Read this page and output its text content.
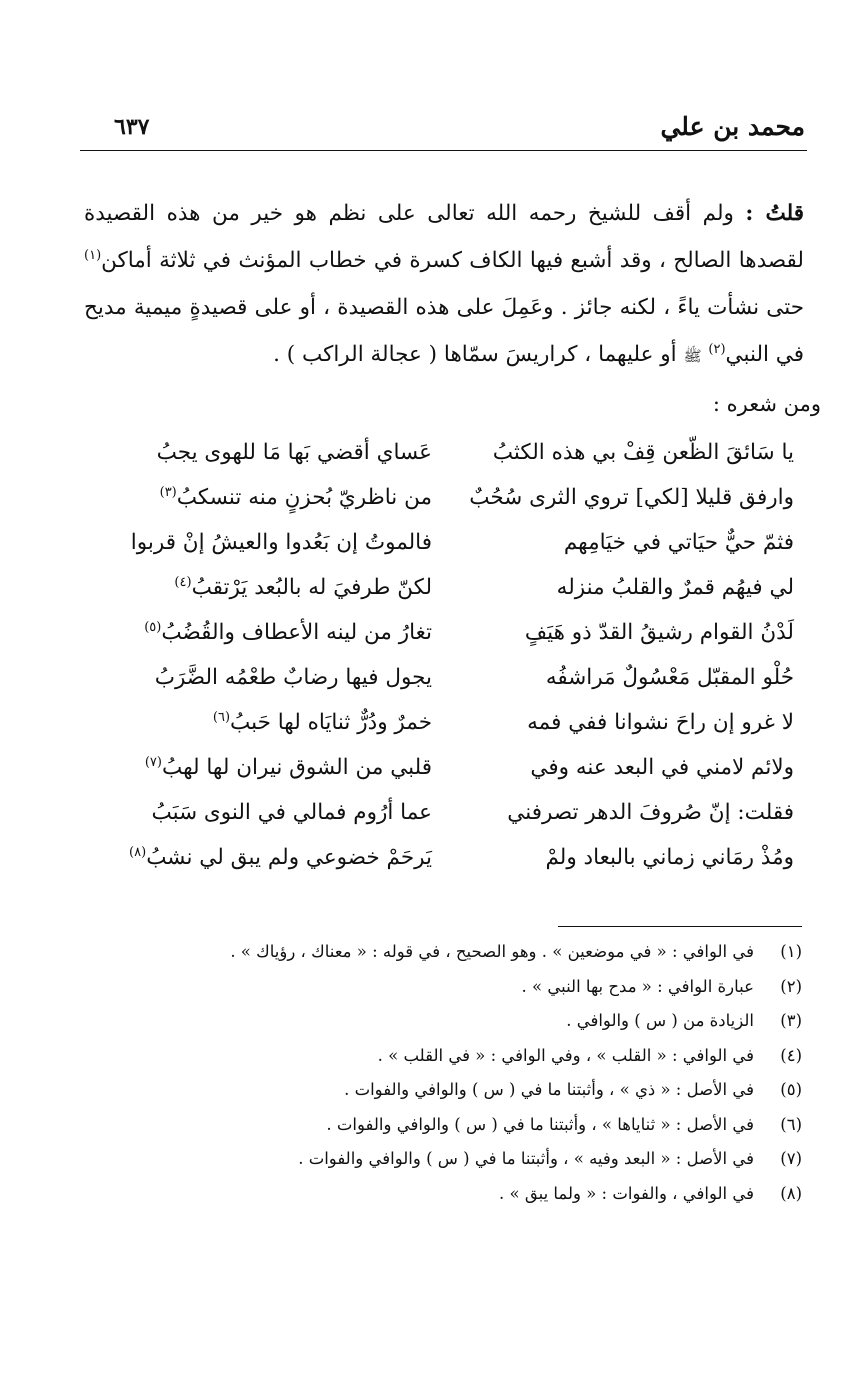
محمد بن علي
٦٣٧
قلتُ : ولم أقف للشيخ رحمه الله تعالى على نظم هو خير من هذه القصيدة لقصدها الصالح ، وقد أشبع فيها الكاف كسرة في خطاب المؤنث في ثلاثة أماكن$^{(١)}$ حتى نشأت ياءً ، لكنه جائز . وعَمِلَ على هذه القصيدة ، أو على قصيدةٍ ميمية مديح في النبي$^{(٢)}$ ﷺ أو عليهما ، كراريسَ سمّاها ( عجالة الراكب ) .
ومن شعره :
يا سَائقَ الظّعن قِفْ بي هذه الكثبُ
عَساي أقضي بَها مَا للهوى يجبُ
وارفق قليلا [لكي] تروي الثرى سُحُبٌ
من ناظريّ بُحزنٍ منه تنسكبُ$^{(٣)}$
فثمّ حيٌّ حيَاتي في خيَامِهم
فالموتُ إن بَعُدوا والعيشُ إنْ قربوا
لي فيهُم قمرٌ والقلبُ منزله
لكنّ طرفيَ له بالبُعد يَرْتقبُ$^{(٤)}$
لَدْنُ القوام رشيقُ القدّ ذو هَيَفٍ
تغارُ من لينه الأعطاف والقُضُبُ$^{(٥)}$
حُلْو المقبّل مَعْسُولٌ مَراشفُه
يجول فيها رضابٌ طعْمُه الضَّرَبُ
لا غرو إن راحَ نشوانا ففي فمه
خمرٌ ودُرٌّ ثنايَاه لها حَببُ$^{(٦)}$
ولائم لامني في البعد عنه وفي
قلبي من الشوق نيران لها لهبُ$^{(٧)}$
فقلت: إنّ صُروفَ الدهر تصرفني
عما أرُوم فمالي في النوى سَبَبُ
ومُذْ رمَاني زماني بالبعاد ولمْ
يَرحَمْ خضوعي ولم يبق لي نشبُ$^{(٨)}$
(١)
في الوافي : « في موضعين » . وهو الصحيح ، في قوله : « معناك ، رؤياك » .
(٢)
عبارة الوافي : « مدح بها النبي » .
(٣)
الزيادة من ( س ) والوافي .
(٤)
في الوافي : « القلب » ، وفي الوافي : « في القلب » .
(٥)
في الأصل : « ذي » ، وأثبتنا ما في ( س ) والوافي والفوات .
(٦)
في الأصل : « ثناياها » ، وأثبتنا ما في ( س ) والوافي والفوات .
(٧)
في الأصل : « البعد وفيه » ، وأثبتنا ما في ( س ) والوافي والفوات .
(٨)
في الوافي ، والفوات : « ولما يبق » .
